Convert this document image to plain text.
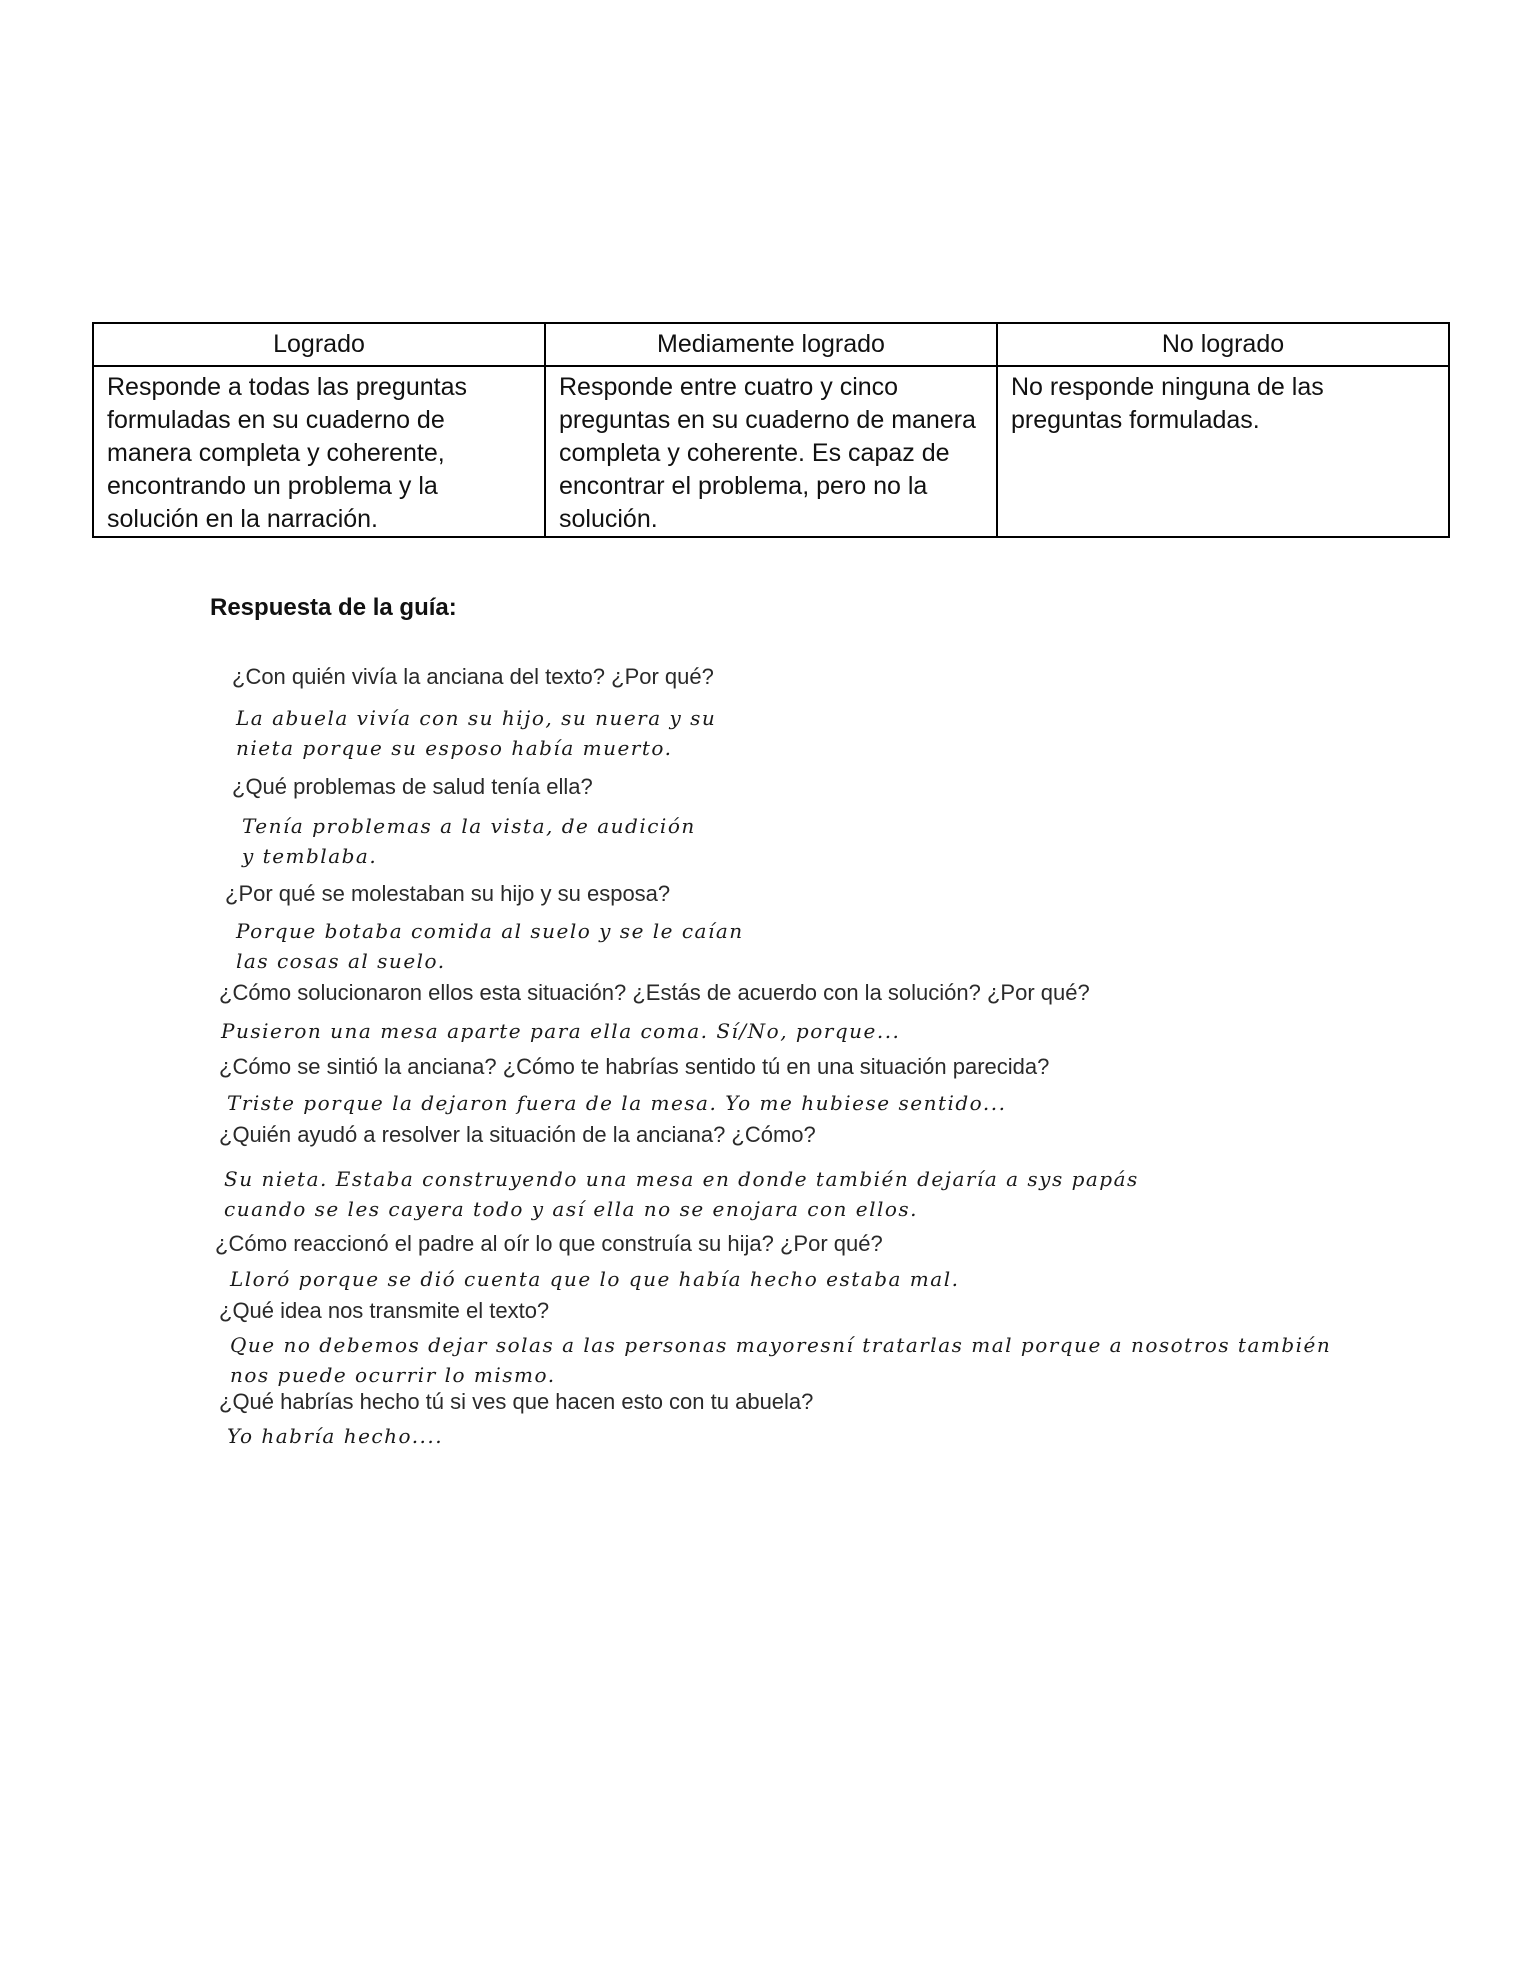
Logrado	Mediamente logrado	No logrado
Responde a todas las preguntas formuladas en su cuaderno de manera completa y coherente, encontrando un problema y la solución en la narración.	Responde entre cuatro y cinco preguntas en su cuaderno de manera completa y coherente. Es capaz de encontrar el problema, pero no la solución.	No responde ninguna de las preguntas formuladas.
Respuesta de la guía:
¿Con quién vivía la anciana del texto? ¿Por qué?
La abuela vivía con su hijo, su nuera y su
nieta porque su esposo había muerto.
¿Qué problemas de salud tenía ella?
Tenía problemas a la vista, de audición
y temblaba.
¿Por qué se molestaban su hijo y su esposa?
Porque botaba comida al suelo y se le caían
las cosas al suelo.
¿Cómo solucionaron ellos esta situación? ¿Estás de acuerdo con la solución? ¿Por qué?
Pusieron una mesa aparte para ella coma. Sí/No, porque...
¿Cómo se sintió la anciana? ¿Cómo te habrías sentido tú en una situación parecida?
Triste porque la dejaron fuera de la mesa. Yo me hubiese sentido...
¿Quién ayudó a resolver la situación de la anciana? ¿Cómo?
Su nieta. Estaba construyendo una mesa en donde también dejaría a sys papás
cuando se les cayera todo y así ella no se enojara con ellos.
¿Cómo reaccionó el padre al oír lo que construía su hija? ¿Por qué?
Lloró porque se dió cuenta que lo que había hecho estaba mal.
¿Qué idea nos transmite el texto?
Que no debemos dejar solas a las personas mayoresní tratarlas mal porque a nosotros también
nos puede ocurrir lo mismo.
¿Qué habrías hecho tú si ves que hacen esto con tu abuela?
Yo habría hecho....
